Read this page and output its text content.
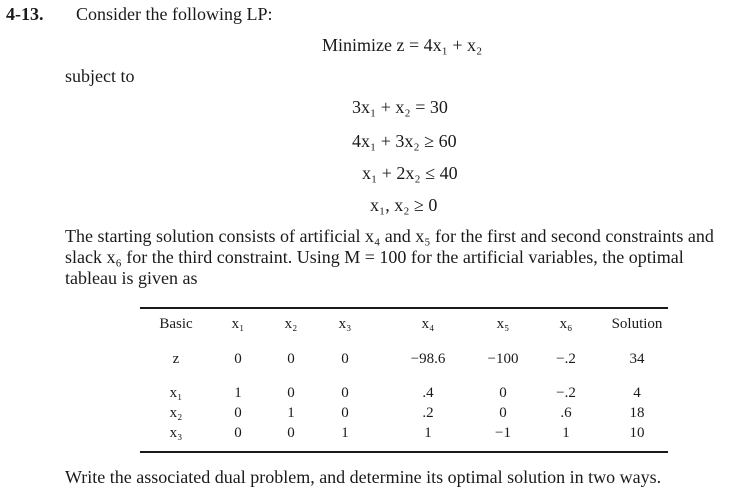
4-13. Consider the following LP:
Minimize z = 4x₁ + x₂
subject to
3x₁ + x₂ = 30
4x₁ + 3x₂ ≥ 60
x₁ + 2x₂ ≤ 40
x₁, x₂ ≥ 0
The starting solution consists of artificial x₄ and x₅ for the first and second constraints and slack x₆ for the third constraint. Using M = 100 for the artificial variables, the optimal tableau is given as
Basic	x₁	x₂	x₃	x₄	x₅	x₆	Solution
z	0	0	0	−98.6	−100	−.2	34
x₁	1	0	0	.4	0	−.2	4
x₂	0	1	0	.2	0	.6	18
x₃	0	0	1	1	−1	1	10
Write the associated dual problem, and determine its optimal solution in two ways.
